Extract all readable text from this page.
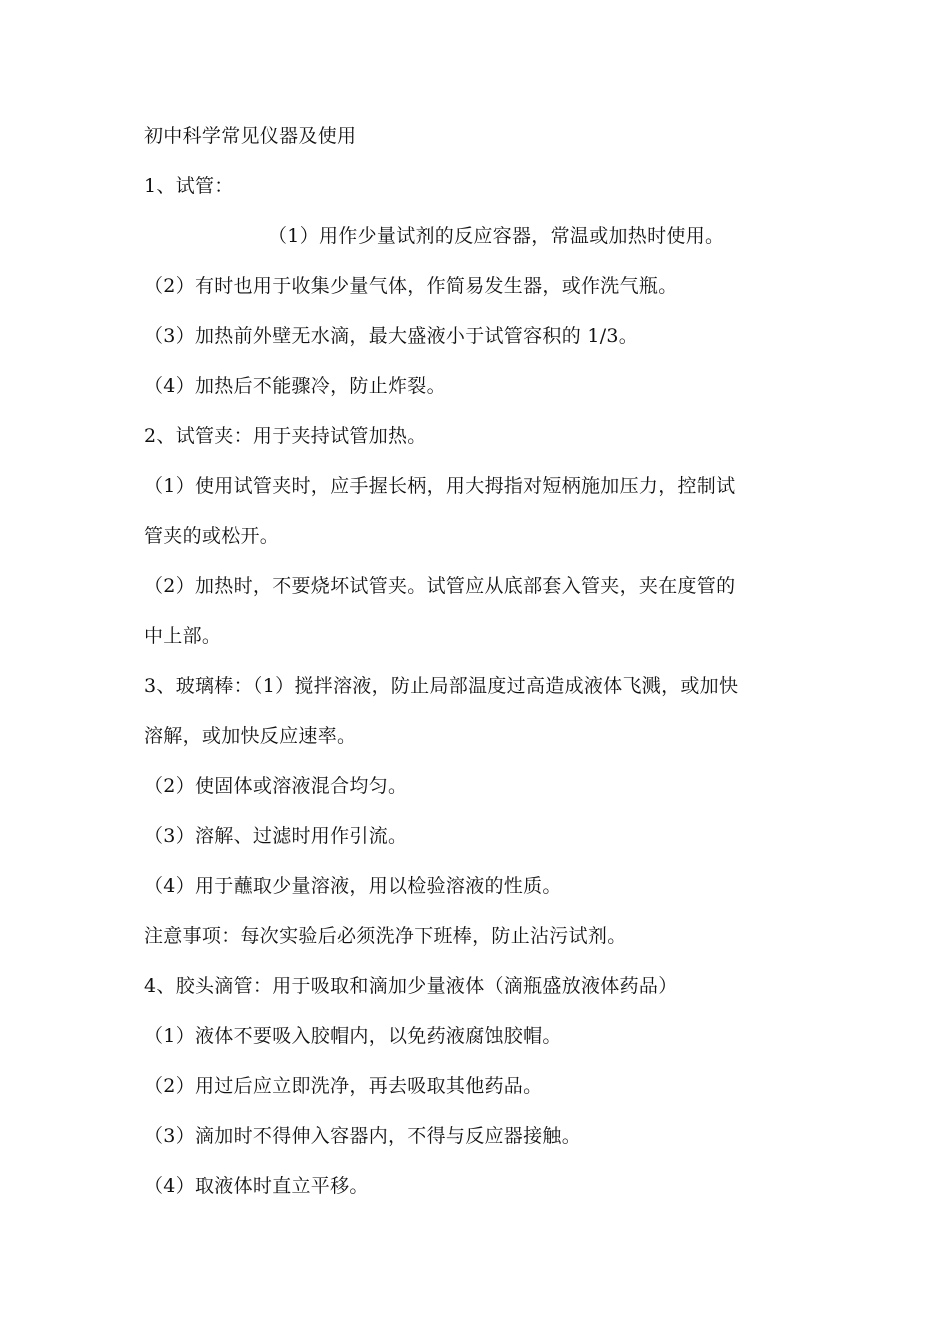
初中科学常见仪器及使用
1、试管：
（1）用作少量试剂的反应容器，常温或加热时使用。
（2）有时也用于收集少量气体，作简易发生器，或作洗气瓶。
（3）加热前外壁无水滴，最大盛液小于试管容积的 1/3。
（4）加热后不能骤冷，防止炸裂。
2、试管夹：用于夹持试管加热。
（1）使用试管夹时，应手握长柄，用大拇指对短柄施加压力，控制试
管夹的或松开。
（2）加热时，不要烧坏试管夹。试管应从底部套入管夹，夹在度管的
中上部。
3、玻璃棒：（1）搅拌溶液，防止局部温度过高造成液体飞溅，或加快
溶解，或加快反应速率。
（2）使固体或溶液混合均匀。
（3）溶解、过滤时用作引流。
（4）用于蘸取少量溶液，用以检验溶液的性质。
注意事项：每次实验后必须洗净下班棒，防止沾污试剂。
4、胶头滴管：用于吸取和滴加少量液体（滴瓶盛放液体药品）
（1）液体不要吸入胶帽内，以免药液腐蚀胶帽。
（2）用过后应立即洗净，再去吸取其他药品。
（3）滴加时不得伸入容器内，不得与反应器接触。
（4）取液体时直立平移。
